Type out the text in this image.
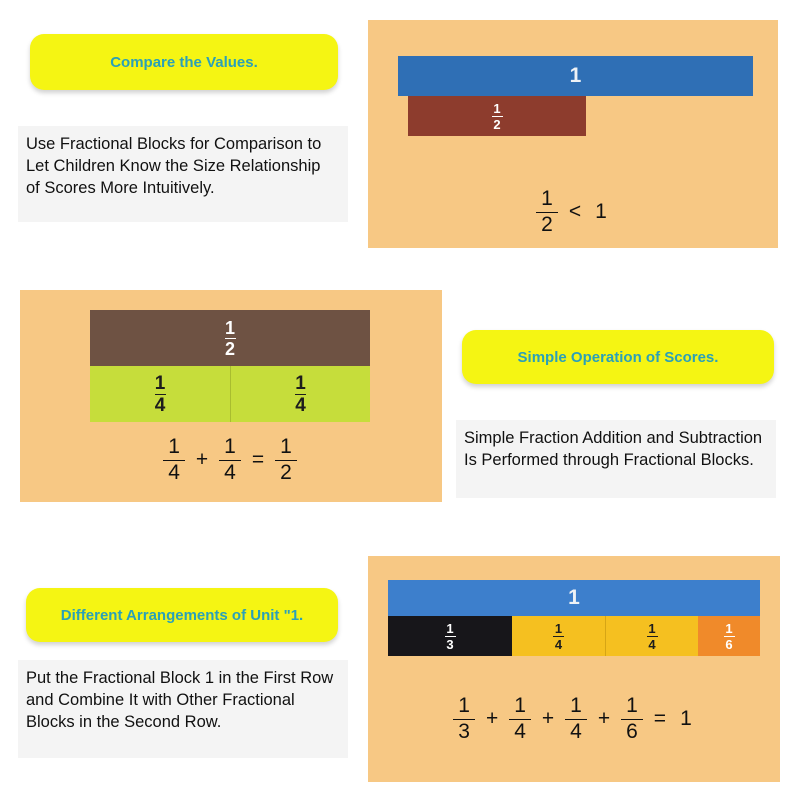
Compare the Values.
Use Fractional Blocks for Comparison to Let Children Know the Size Relationship of Scores More Intuitively.
1
$\frac{1}{2}$
$\frac{1}{2} < 1$
$\frac{1}{2}$
$\frac{1}{4}$	$\frac{1}{4}$
$\frac{1}{4} + \frac{1}{4} = \frac{1}{2}$
Simple Operation of Scores.
Simple Fraction Addition and Subtraction Is Performed through Fractional Blocks.
Different Arrangements of Unit "1.
Put the Fractional Block 1 in the First Row and Combine It with Other Fractional Blocks in the Second Row.
1
$\frac{1}{3}$	$\frac{1}{4}$	$\frac{1}{4}$	$\frac{1}{6}$
$\frac{1}{3} + \frac{1}{4} + \frac{1}{4} + \frac{1}{6} = 1$
